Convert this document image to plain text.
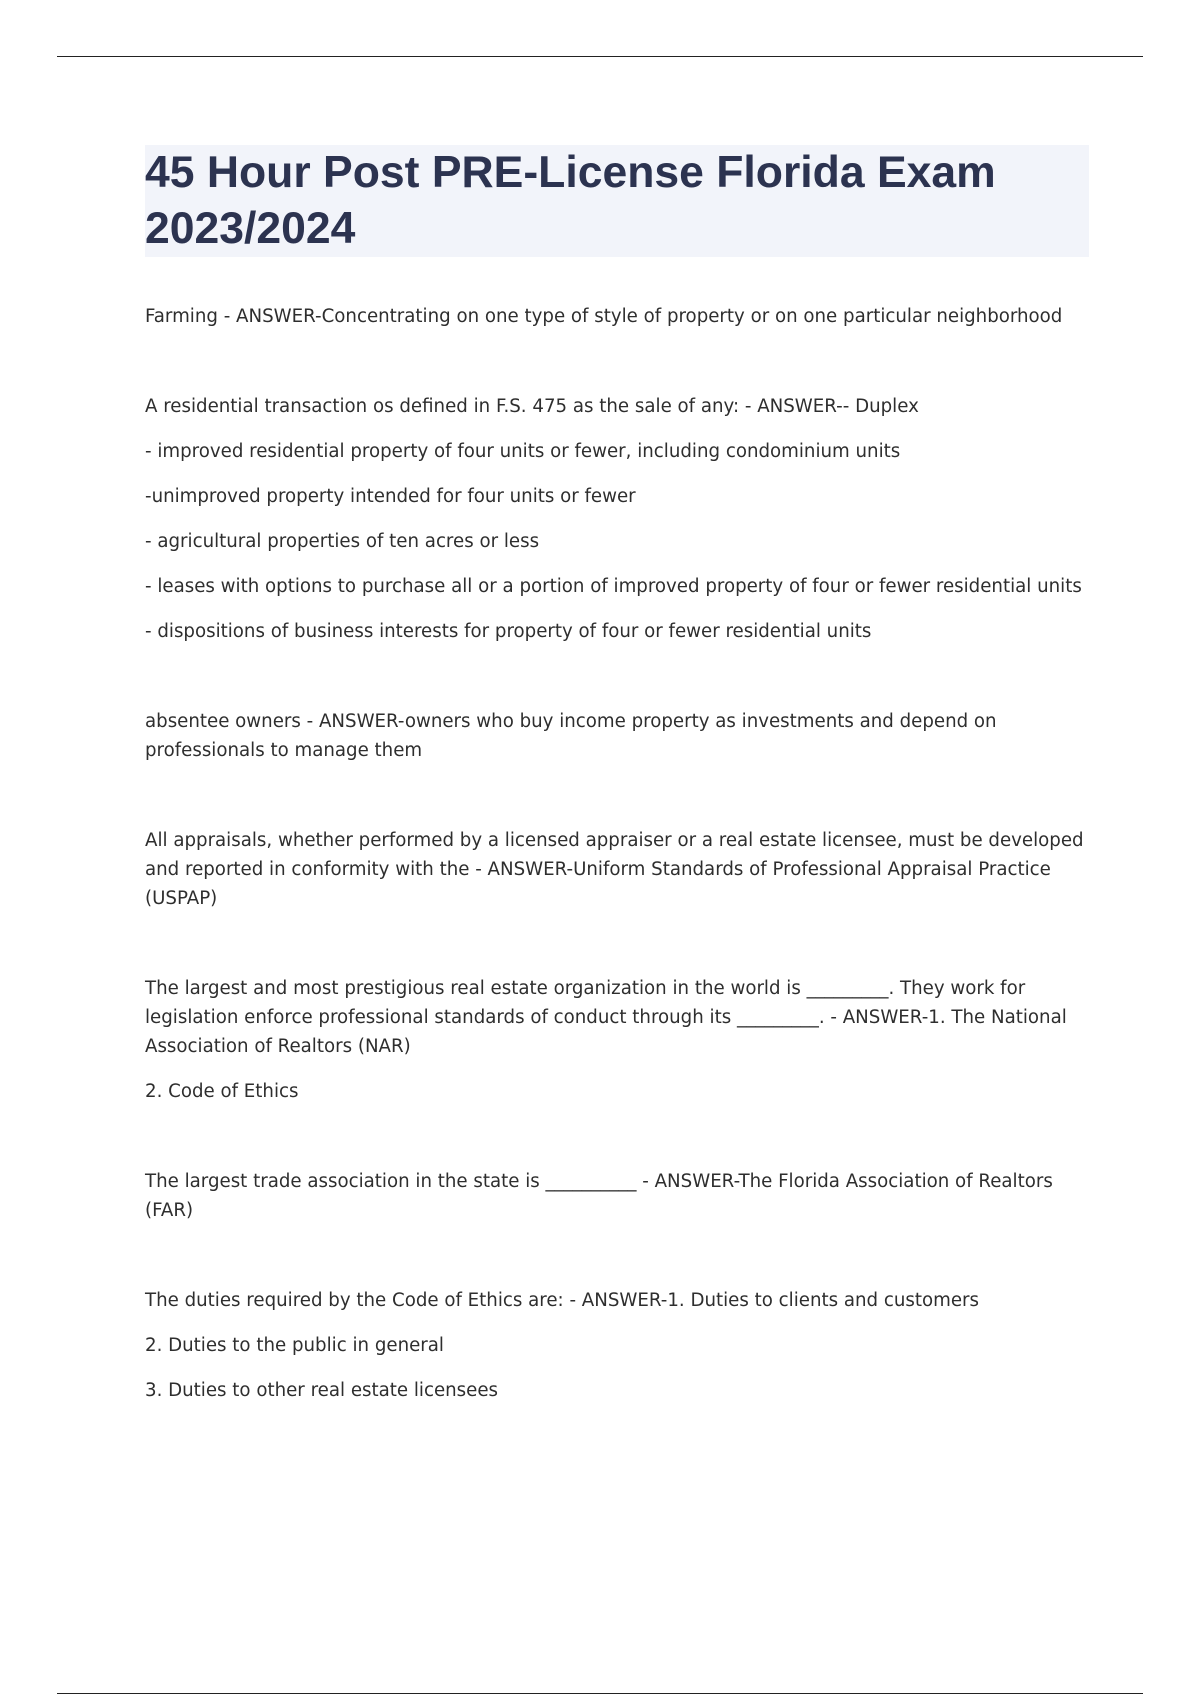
45 Hour Post PRE-License Florida Exam 2023/2024

Farming - ANSWER-Concentrating on one type of style of property or on one particular neighborhood

A residential transaction os defined in F.S. 475 as the sale of any: - ANSWER-- Duplex

- improved residential property of four units or fewer, including condominium units

-unimproved property intended for four units or fewer

- agricultural properties of ten acres or less

- leases with options to purchase all or a portion of improved property of four or fewer residential units

- dispositions of business interests for property of four or fewer residential units

absentee owners - ANSWER-owners who buy income property as investments and depend on professionals to manage them

All appraisals, whether performed by a licensed appraiser or a real estate licensee, must be developed and reported in conformity with the - ANSWER-Uniform Standards of Professional Appraisal Practice (USPAP)

The largest and most prestigious real estate organization in the world is _________. They work for legislation enforce professional standards of conduct through its _________. - ANSWER-1. The National Association of Realtors (NAR)

2. Code of Ethics

The largest trade association in the state is __________ - ANSWER-The Florida Association of Realtors (FAR)

The duties required by the Code of Ethics are: - ANSWER-1. Duties to clients and customers

2. Duties to the public in general

3. Duties to other real estate licensees
